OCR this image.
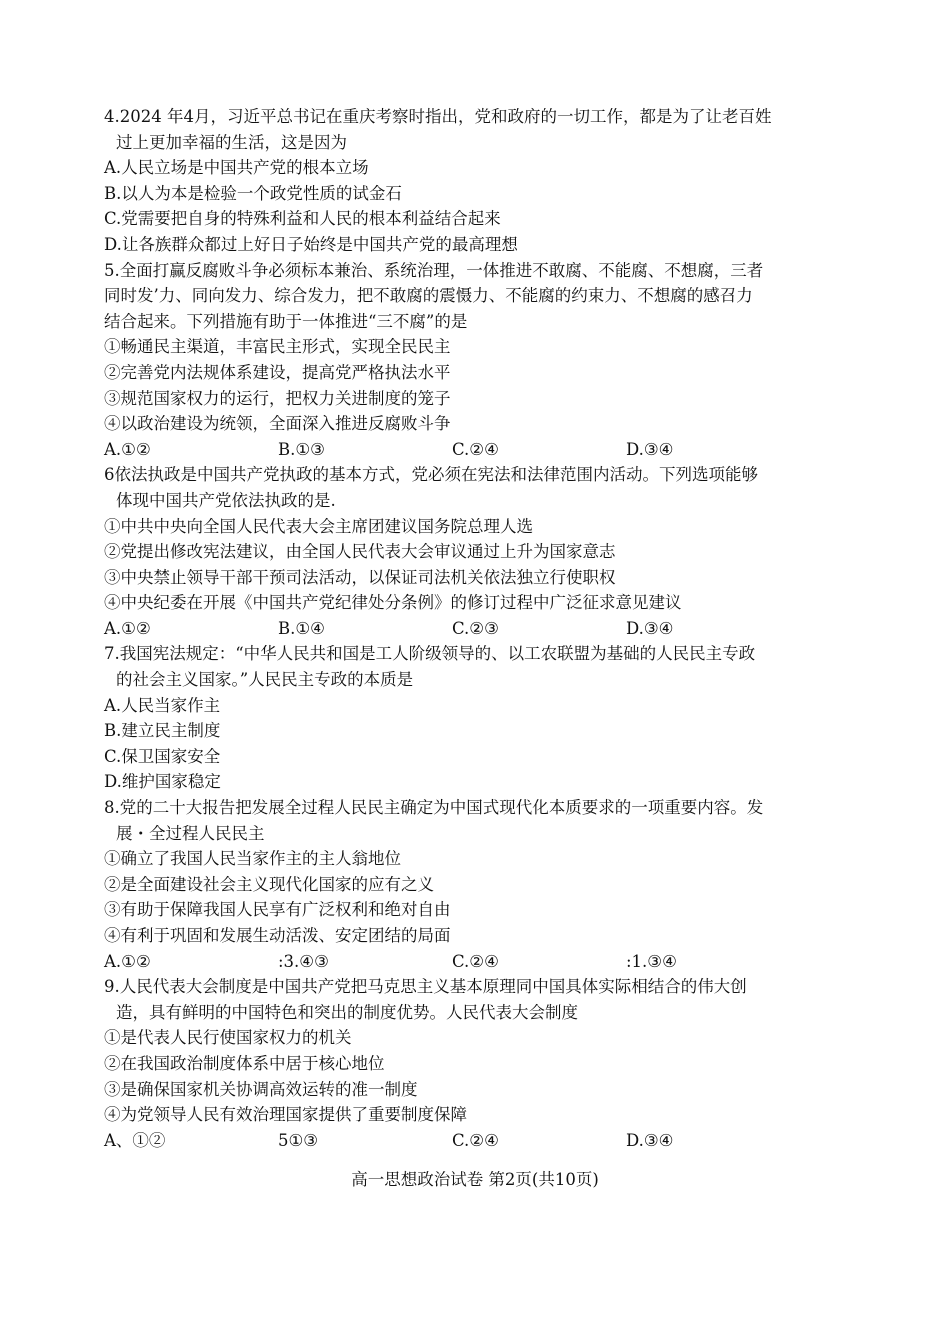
4.2024 年4月，习近平总书记在重庆考察时指出，党和政府的一切工作，都是为了让老百姓
过上更加幸福的生活，这是因为
A.人民立场是中国共产党的根本立场
B.以人为本是检验一个政党性质的试金石
C.党需要把自身的特殊利益和人民的根本利益结合起来
D.让各族群众都过上好日子始终是中国共产党的最高理想
5.全面打赢反腐败斗争必须标本兼治、系统治理，一体推进不敢腐、不能腐、不想腐，三者
同时发’力、同向发力、综合发力，把不敢腐的震慑力、不能腐的约束力、不想腐的感召力
结合起来。下列措施有助于一体推进“三不腐”的是
①畅通民主渠道，丰富民主形式，实现全民民主
②完善党内法规体系建设，提高党严格执法水平
③规范国家权力的运行，把权力关进制度的笼子
④以政治建设为统领，全面深入推进反腐败斗争
A.①②	B.①③	C.②④	D.③④
6依法执政是中国共产党执政的基本方式，党必须在宪法和法律范围内活动。下列选项能够
体现中国共产党依法执政的是.
①中共中央向全国人民代表大会主席团建议国务院总理人选
②党提出修改宪法建议，由全国人民代表大会审议通过上升为国家意志
③中央禁止领导干部干预司法活动，以保证司法机关依法独立行使职权
④中央纪委在开展《中国共产党纪律处分条例》的修订过程中广泛征求意见建议
A.①②	B.①④	C.②③	D.③④
7.我国宪法规定：“中华人民共和国是工人阶级领导的、以工农联盟为基础的人民民主专政
的社会主义国家。”人民民主专政的本质是
A.人民当家作主
B.建立民主制度
C.保卫国家安全
D.维护国家稳定
8.党的二十大报告把发展全过程人民民主确定为中国式现代化本质要求的一项重要内容。发
展・全过程人民民主
①确立了我国人民当家作主的主人翁地位
②是全面建设社会主义现代化国家的应有之义
③有助于保障我国人民享有广泛权利和绝对自由
④有利于巩固和发展生动活泼、安定团结的局面
A.①②	:3.④③	C.②④	:1.③④
9.人民代表大会制度是中国共产党把马克思主义基本原理同中国具体实际相结合的伟大创
造，具有鲜明的中国特色和突出的制度优势。人民代表大会制度
①是代表人民行使国家权力的机关
②在我国政治制度体系中居于核心地位
③是确保国家机关协调高效运转的准一制度
④为党领导人民有效治理国家提供了重要制度保障
A、①②	5①③	C.②④	D.③④
高一思想政治试卷 第2页(共10页)
